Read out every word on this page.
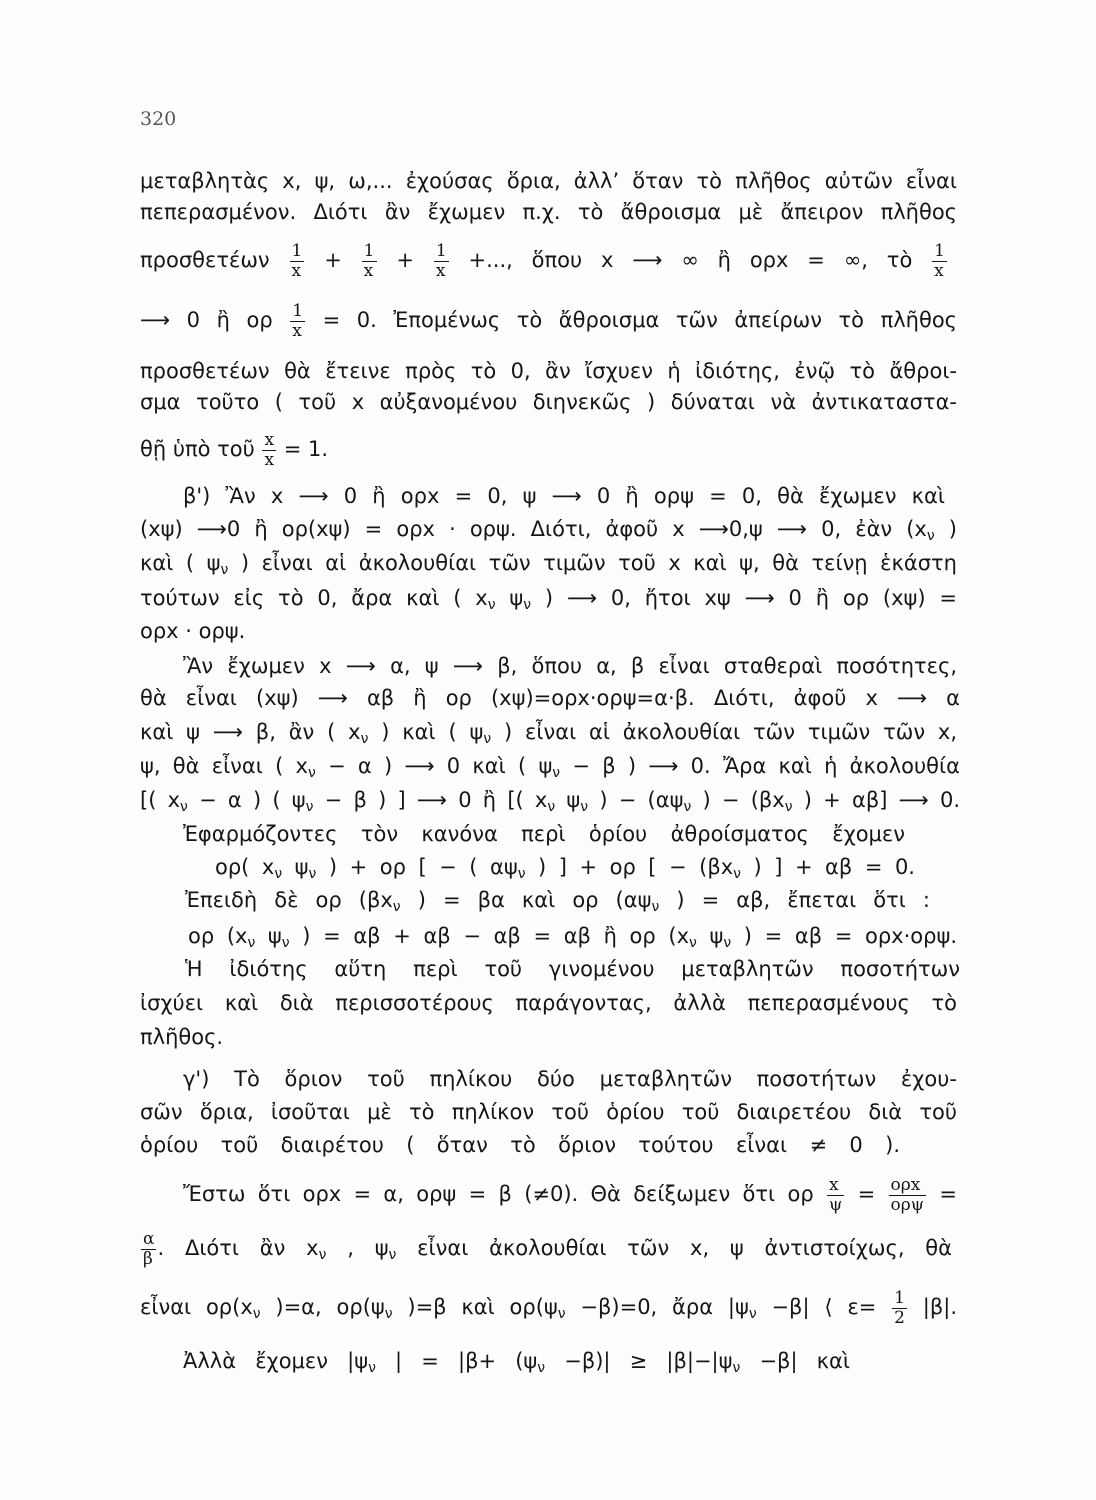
320
μεταβλητὰς x, ψ, ω,... ἐχούσας ὅρια, ἀλλ’ ὅταν τὸ πλῆθος αὐτῶν εἶναι
πεπερασμένον. Διότι ἂν ἔχωμεν π.χ. τὸ ἄθροισμα μὲ ἄπειρον πλῆθος
προσθετέων $\frac{1}{x} + \frac{1}{x} + \frac{1}{x}$ +..., ὅπου x ⟶ ∞ ἢ ορx = ∞, τὸ $\frac{1}{x}$
⟶ 0 ἢ ορ $\frac{1}{x} = 0$. Ἐπομένως τὸ ἄθροισμα τῶν ἀπείρων τὸ πλῆθος
προσθετέων θὰ ἔτεινε πρὸς τὸ 0, ἂν ἴσχυεν ἡ ἰδιότης, ἐνῷ τὸ ἄθροι-
σμα τοῦτο ( τοῦ x αὐξανομένου διηνεκῶς ) δύναται νὰ ἀντικαταστα-
θῇ ὑπὸ τοῦ $\frac{x}{x} = 1$.
β') Ἂν x ⟶ 0 ἢ ορx = 0, ψ ⟶ 0 ἢ ορψ = 0, θὰ ἔχωμεν καὶ
(xψ) ⟶0 ἢ ορ(xψ) = ορx · ορψ. Διότι, ἀφοῦ x ⟶0,ψ ⟶ 0, ἐὰν ($x_\nu$ )
καὶ ( $\psi_\nu$ ) εἶναι αἱ ἀκολουθίαι τῶν τιμῶν τοῦ x καὶ ψ, θὰ τείνῃ ἑκάστη
τούτων εἰς τὸ 0, ἄρα καὶ ( $x_\nu$ $\psi_\nu$ ) ⟶ 0, ἤτοι xψ ⟶ 0 ἢ ορ (xψ) =
ορx · ορψ.
Ἂν ἔχωμεν x ⟶ α, ψ ⟶ β, ὅπου α, β εἶναι σταθεραὶ ποσότητες,
θὰ εἶναι (xψ) ⟶ αβ ἢ ορ (xψ)=ορx·ορψ=α·β. Διότι, ἀφοῦ x ⟶ α
καὶ ψ ⟶ β, ἂν ( $x_\nu$ ) καὶ ( $\psi_\nu$ ) εἶναι αἱ ἀκολουθίαι τῶν τιμῶν τῶν x,
ψ, θὰ εἶναι ( $x_\nu - \alpha$ ) ⟶ 0 καὶ ( $\psi_\nu - \beta$ ) ⟶ 0. Ἄρα καὶ ἡ ἀκολουθία
[( $x_\nu - \alpha$ ) ( $\psi_\nu - \beta$ ) ] ⟶ 0 ἢ [( $x_\nu$ $\psi_\nu$ ) − ($\alpha\psi_\nu$ ) − ($\beta x_\nu$ ) + αβ] ⟶ 0.
Ἐφαρμόζοντες τὸν κανόνα περὶ ὁρίου ἀθροίσματος ἔχομεν
ορ( $x_\nu$ $\psi_\nu$ ) + ορ [ − ( $\alpha\psi_\nu$ ) ] + ορ [ − ($\beta x_\nu$ ) ] + αβ = 0.
Ἐπειδὴ δὲ ορ ($\beta x_\nu$ ) = βα καὶ ορ ($\alpha\psi_\nu$ ) = αβ, ἔπεται ὅτι :
ορ ($x_\nu$ $\psi_\nu$ ) = αβ + αβ − αβ = αβ ἢ ορ ($x_\nu$ $\psi_\nu$ ) = αβ = ορx·ορψ.
Ἡ ἰδιότης αὕτη περὶ τοῦ γινομένου μεταβλητῶν ποσοτήτων
ἰσχύει καὶ διὰ περισσοτέρους παράγοντας, ἀλλὰ πεπερασμένους τὸ
πλῆθος.
γ') Τὸ ὅριον τοῦ πηλίκου δύο μεταβλητῶν ποσοτήτων ἐχου-
σῶν ὅρια, ἰσοῦται μὲ τὸ πηλίκον τοῦ ὁρίου τοῦ διαιρετέου διὰ τοῦ
ὁρίου τοῦ διαιρέτου ( ὅταν τὸ ὅριον τούτου εἶναι ≠ 0 ).
Ἔστω ὅτι ορx = α, ορψ = β (≠0). Θὰ δείξωμεν ὅτι ορ $\frac{x}{\psi} = \frac{\text{ορx}}{\text{ορψ}}$ =
$\frac{\alpha}{\beta}$ . Διότι ἂν $x_\nu$ , $\psi_\nu$ εἶναι ἀκολουθίαι τῶν x, ψ ἀντιστοίχως, θὰ
εἶναι $o\rho(x_\nu$ )=α, $o\rho(\psi_\nu$ )=β καὶ $o\rho(\psi_\nu -\beta)=0$, ἄρα $|\psi_\nu -\beta|$ ⟨ $\varepsilon= \frac{1}{2} |\beta|$.
Ἀλλὰ ἔχομεν $|\psi_\nu$ | = $|\beta+ (\psi_\nu -\beta)| \ge |\beta|-|\psi_\nu -\beta|$ καὶ
